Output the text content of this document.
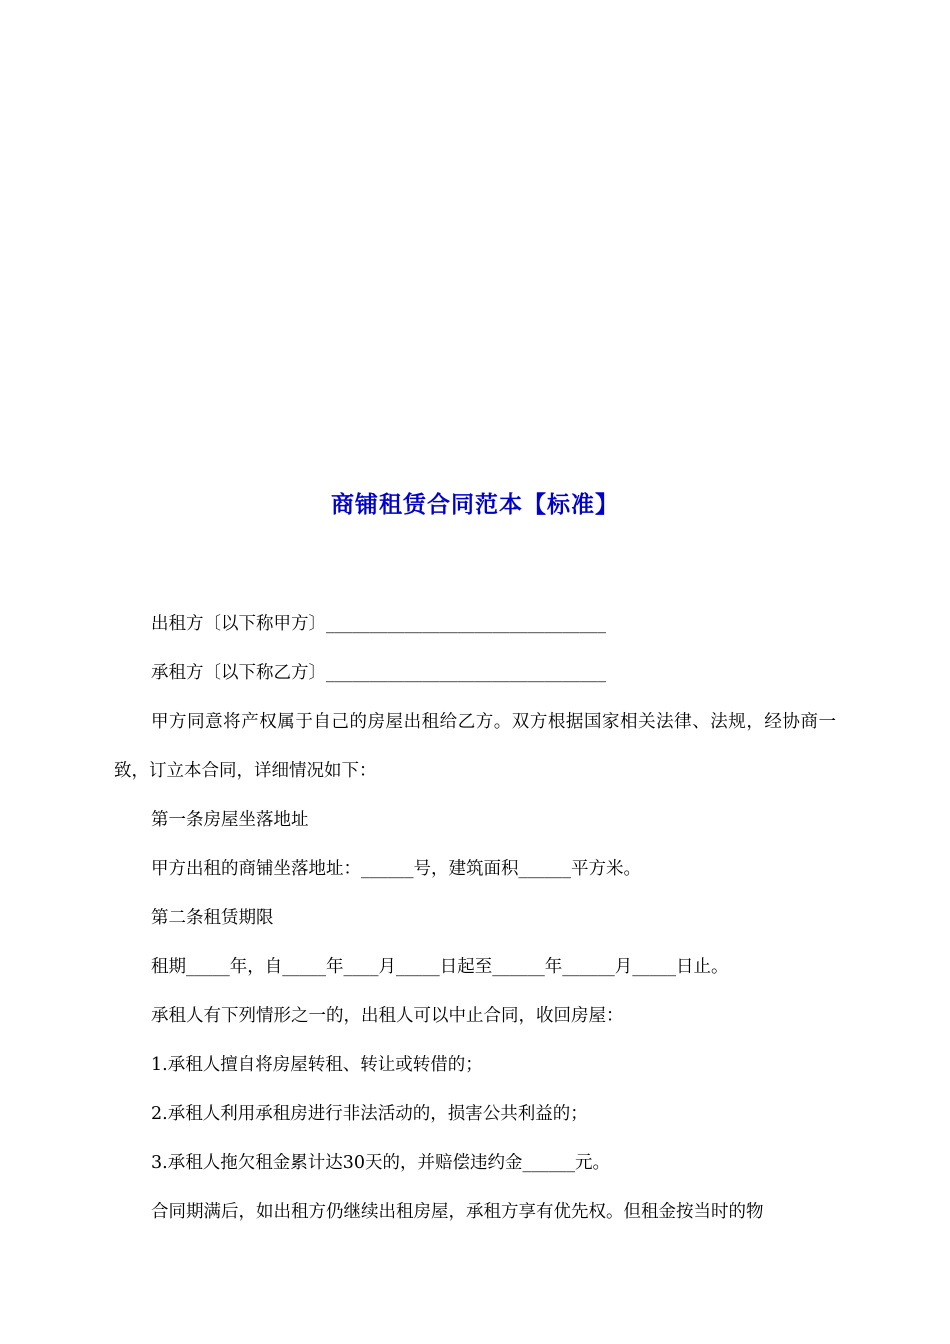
商铺租赁合同范本【标准】

出租方〔以下称甲方〕________________________________

承租方〔以下称乙方〕________________________________

甲方同意将产权属于自己的房屋出租给乙方。双方根据国家相关法律、法规，经协商一致，订立本合同，详细情况如下：

第一条房屋坐落地址

甲方出租的商铺坐落地址：______号，建筑面积______平方米。

第二条租赁期限

租期_____年，自_____年____月_____日起至______年______月_____日止。

承租人有下列情形之一的，出租人可以中止合同，收回房屋：

1.承租人擅自将房屋转租、转让或转借的；

2.承租人利用承租房进行非法活动的，损害公共利益的；

3.承租人拖欠租金累计达30天的，并赔偿违约金______元。

合同期满后，如出租方仍继续出租房屋，承租方享有优先权。但租金按当时的物
